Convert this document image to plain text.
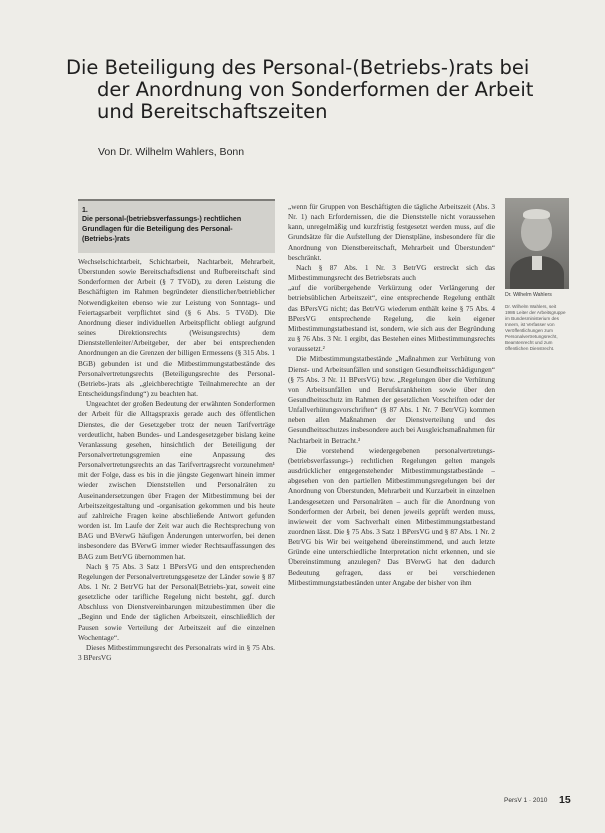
Die Beteiligung des Personal-(Betriebs-)rats bei
der Anordnung von Sonderformen der Arbeit
und Bereitschaftszeiten
Von Dr. Wilhelm Wahlers, Bonn
1.
Die personal-(betriebsverfassungs-) rechtlichen Grundlagen für die Beteiligung des Personal-(Betriebs-)rats

Wechselschichtarbeit, Schichtarbeit, Nachtarbeit, Mehrarbeit, Überstunden sowie Bereitschaftsdienst und Rufbereitschaft sind Sonderformen der Arbeit (§ 7 TVöD), zu deren Leistung die Beschäftigten im Rahmen begründeter dienstlicher/betrieblicher Notwendigkeiten ebenso wie zur Leistung von Sonntags- und Feiertagsarbeit verpflichtet sind (§ 6 Abs. 5 TVöD). Die Anordnung dieser individuellen Arbeitspflicht obliegt aufgrund seines Direktionsrechts (Weisungsrechts) dem Dienststellenleiter/Arbeitgeber, der aber bei entsprechenden Anordnungen an die Grenzen der billigen Ermessens (§ 315 Abs. 1 BGB) gebunden ist und die Mitbestimmungstatbestände des Personalvertretungsrechts (Beteiligungsrechte des Personal-(Betriebs-)rats als „gleichberechtigte Teilnahmerechte an der Entscheidungsfindung“) zu beachten hat.

Ungeachtet der großen Bedeutung der erwähnten Sonderformen der Arbeit für die Alltagspraxis gerade auch des öffentlichen Dienstes, die der Gesetzgeber trotz der neuen Tarifverträge verdeutlicht, haben Bundes- und Landesgesetzgeber bislang keine Veranlassung gesehen, hinsichtlich der Beteiligung der Personalvertretungsgremien eine Anpassung des Personalvertretungsrechts an das Tarifvertragsrecht vorzunehmen¹ mit der Folge, dass es bis in die jüngste Gegenwart hinein immer wieder zwischen Dienststellen und Personalräten zu Auseinandersetzungen über Fragen der Mitbestimmung bei der Arbeitszeitgestaltung und -organisation gekommen und bis heute auf zahlreiche Fragen keine abschließende Antwort gefunden worden ist. Im Laufe der Zeit war auch die Rechtsprechung von BAG und BVerwG häufigen Änderungen unterworfen, bei denen insbesondere das BVerwG immer wieder Rechtsauffassungen des BAG zum BetrVG übernommen hat.

Nach § 75 Abs. 3 Satz 1 BPersVG und den entsprechenden Regelungen der Personalvertretungsgesetze der Länder sowie § 87 Abs. 1 Nr. 2 BetrVG hat der Personal(Betriebs-)rat, soweit eine gesetzliche oder tarifliche Regelung nicht besteht, ggf. durch Abschluss von Dienstvereinbarungen mitzubestimmen über die „Beginn und Ende der täglichen Arbeitszeit, einschließlich der Pausen sowie Verteilung der Arbeitszeit auf die einzelnen Wochentage“.

Dieses Mitbestimmungsrecht des Personalrats wird in § 75 Abs. 3 BPersVG

„wenn für Gruppen von Beschäftigten die tägliche Arbeitszeit (Abs. 3 Nr. 1) nach Erfordernissen, die die Dienststelle nicht voraussehen kann, unregelmäßig und kurzfristig festgesetzt werden muss, auf die Grundsätze für die Aufstellung der Dienstpläne, insbesondere für die Anordnung von Dienstbereitschaft, Mehrarbeit und Überstunden“ beschränkt.

Nach § 87 Abs. 1 Nr. 3 BetrVG erstreckt sich das Mitbestimmungsrecht des Betriebsrats auch

„auf die vorübergehende Verkürzung oder Verlängerung der betriebsüblichen Arbeitszeit“, eine entsprechende Regelung enthält das BPersVG nicht; das BetrVG wiederum enthält keine § 75 Abs. 4 BPersVG entsprechende Regelung, die kein eigener Mitbestimmungstatbestand ist, sondern, wie sich aus der Begründung zu § 76 Abs. 3 Nr. 1 ergibt, das Bestehen eines Mitbestimmungsrechts voraussetzt.²

Die Mitbestimmungstatbestände „Maßnahmen zur Verhütung von Dienst- und Arbeitsunfällen und sonstigen Gesundheitsschädigungen“ (§ 75 Abs. 3 Nr. 11 BPersVG) bzw. „Regelungen über die Verhütung von Arbeitsunfällen und Berufskrankheiten sowie über den Gesundheitsschutz im Rahmen der gesetzlichen Vorschriften oder der Unfallverhütungsvorschriften“ (§ 87 Abs. 1 Nr. 7 BetrVG) kommen neben allen Maßnahmen der Dienstverteilung und des Gesundheitsschutzes insbesondere auch bei Ausgleichsmaßnahmen für Nachtarbeit in Betracht.³

Die vorstehend wiedergegebenen personalvertretungs- (betriebsverfassungs-) rechtlichen Regelungen gelten mangels ausdrücklicher entgegenstehender Mitbestimmungstatbestände – abgesehen von den partiellen Mitbestimmungsregelungen bei der Anordnung von Überstunden, Mehrarbeit und Kurzarbeit in einzelnen Landesgesetzen und Personalräten – auch für die Anordnung von Sonderformen der Arbeit, bei denen jeweils geprüft werden muss, inwieweit der vom Sachverhalt einen Mitbestimmungstatbestand zuordnen lässt. Die § 75 Abs. 3 Satz 1 BPersVG und § 87 Abs. 1 Nr. 2 BetrVG bis Wir bei weitgehend übereinstimmend, und auch letzte Gründe eine unterschiedliche Interpretation nicht erkennen, und sie Übereinstimmung anzulegen? Das BVerwG hat den dadurch Bedeutung gefragen, dass er bei verschiedenen Mitbestimmungstatbeständen unter Angabe der bisher von ihm

Dr. Wilhelm Wahlers
Dr. Wilhelm Wahlers, seit 1986 Leiter der Arbeitsgruppe im Bundesministerium des Innern, ist Verfasser von Veröffentlichungen zum Personalvertretungsrecht, Beamtenrecht und zum öffentlichen Dienstrecht.
PersV 1 · 2010 15
